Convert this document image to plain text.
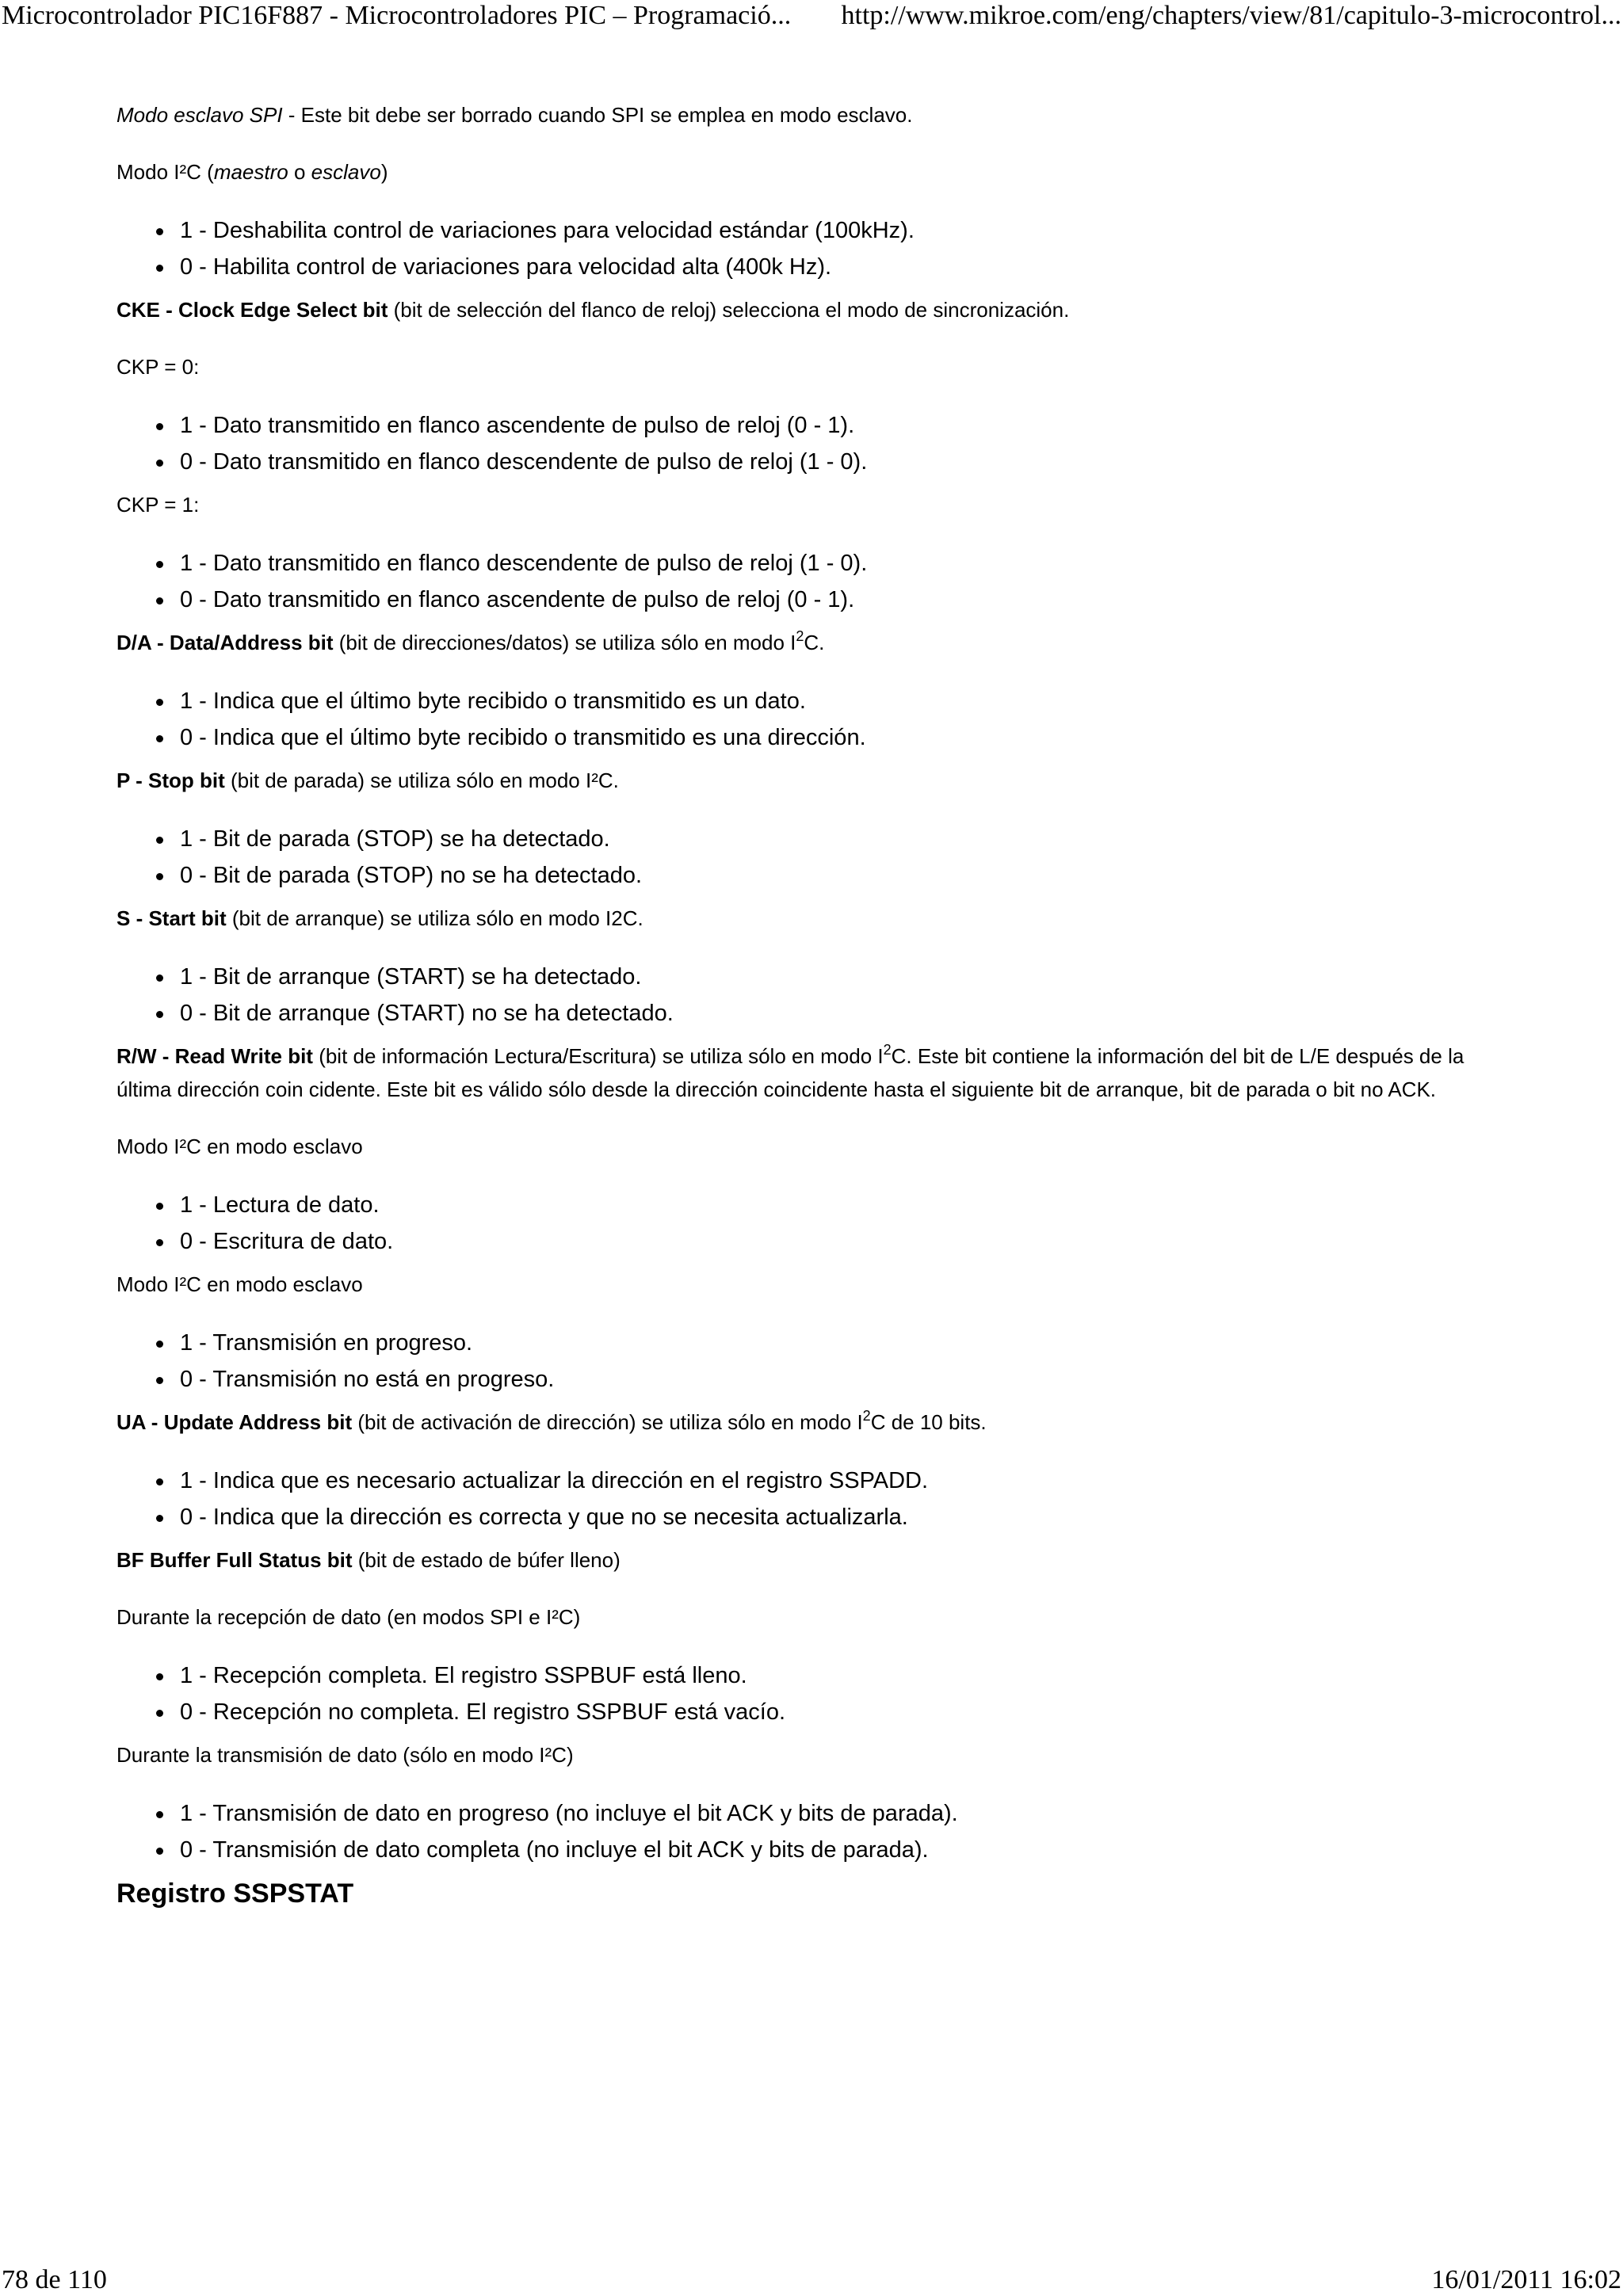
Microcontrolador PIC16F887 - Microcontroladores PIC – Programació... http://www.mikroe.com/eng/chapters/view/81/capitulo-3-microcontrol...

Modo esclavo SPI - Este bit debe ser borrado cuando SPI se emplea en modo esclavo.

Modo I²C (maestro o esclavo)

1 - Deshabilita control de variaciones para velocidad estándar (100kHz).
0 - Habilita control de variaciones para velocidad alta (400k Hz).

CKE - Clock Edge Select bit (bit de selección del flanco de reloj) selecciona el modo de sincronización.

CKP = 0:

1 - Dato transmitido en flanco ascendente de pulso de reloj (0 - 1).
0 - Dato transmitido en flanco descendente de pulso de reloj (1 - 0).

CKP = 1:

1 - Dato transmitido en flanco descendente de pulso de reloj (1 - 0).
0 - Dato transmitido en flanco ascendente de pulso de reloj (0 - 1).

D/A - Data/Address bit (bit de direcciones/datos) se utiliza sólo en modo $I^2C$.

1 - Indica que el último byte recibido o transmitido es un dato.
0 - Indica que el último byte recibido o transmitido es una dirección.

P - Stop bit (bit de parada) se utiliza sólo en modo I²C.

1 - Bit de parada (STOP) se ha detectado.
0 - Bit de parada (STOP) no se ha detectado.

S - Start bit (bit de arranque) se utiliza sólo en modo I2C.

1 - Bit de arranque (START) se ha detectado.
0 - Bit de arranque (START) no se ha detectado.

R/W - Read Write bit (bit de información Lectura/Escritura) se utiliza sólo en modo $I^2C$. Este bit contiene la información del bit de L/E después de la última dirección coin cidente. Este bit es válido sólo desde la dirección coincidente hasta el siguiente bit de arranque, bit de parada o bit no ACK.

Modo I²C en modo esclavo

1 - Lectura de dato.
0 - Escritura de dato.

Modo I²C en modo esclavo

1 - Transmisión en progreso.
0 - Transmisión no está en progreso.

UA - Update Address bit (bit de activación de dirección) se utiliza sólo en modo $I^2C$ de 10 bits.

1 - Indica que es necesario actualizar la dirección en el registro SSPADD.
0 - Indica que la dirección es correcta y que no se necesita actualizarla.

BF Buffer Full Status bit (bit de estado de búfer lleno)

Durante la recepción de dato (en modos SPI e I²C)

1 - Recepción completa. El registro SSPBUF está lleno.
0 - Recepción no completa. El registro SSPBUF está vacío.

Durante la transmisión de dato (sólo en modo I²C)

1 - Transmisión de dato en progreso (no incluye el bit ACK y bits de parada).
0 - Transmisión de dato completa (no incluye el bit ACK y bits de parada).
Registro SSPSTAT
78 de 110	16/01/2011 16:02
